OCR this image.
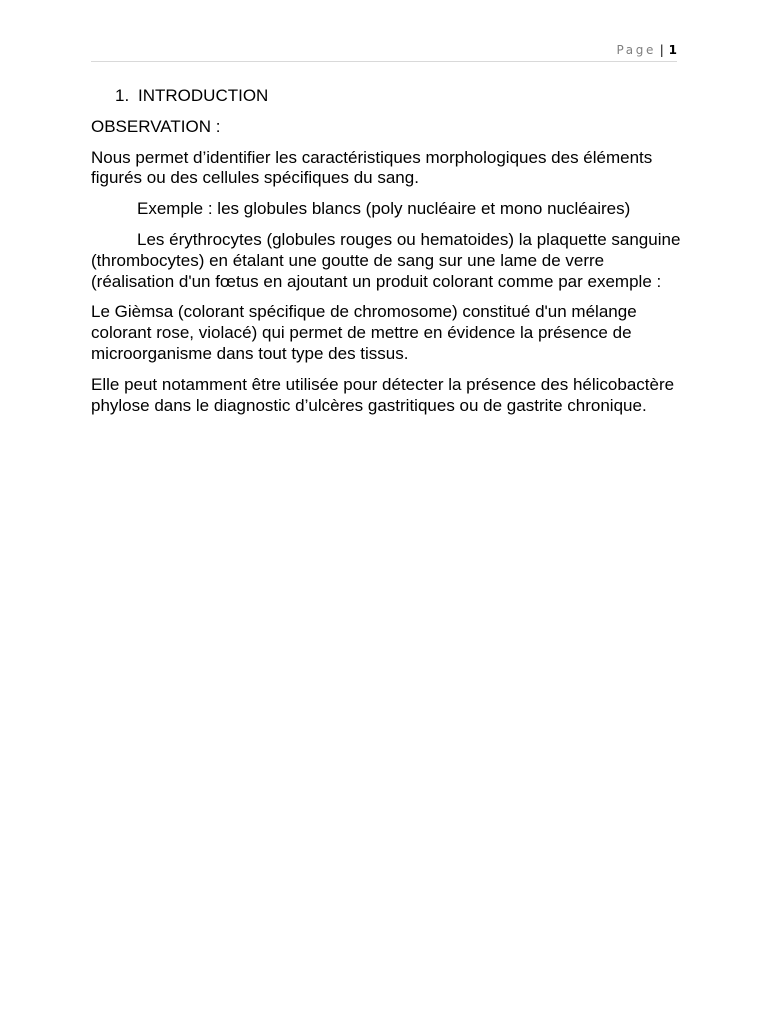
Page | 1
1. INTRODUCTION

OBSERVATION :

Nous permet d’identifier les caractéristiques morphologiques des éléments figurés ou des cellules spécifiques du sang.

Exemple : les globules blancs (poly nucléaire et mono nucléaires)

Les érythrocytes (globules rouges ou hematoides) la plaquette sanguine (thrombocytes) en étalant une goutte de sang sur une lame de verre (réalisation d'un fœtus en ajoutant un produit colorant comme par exemple :

Le Gièmsa (colorant spécifique de chromosome) constitué d'un mélange colorant rose, violacé) qui permet de mettre en évidence la présence de microorganisme dans tout type des tissus.

Elle peut notamment être utilisée pour détecter la présence des hélicobactère phylose dans le diagnostic d’ulcères gastritiques ou de gastrite chronique.
